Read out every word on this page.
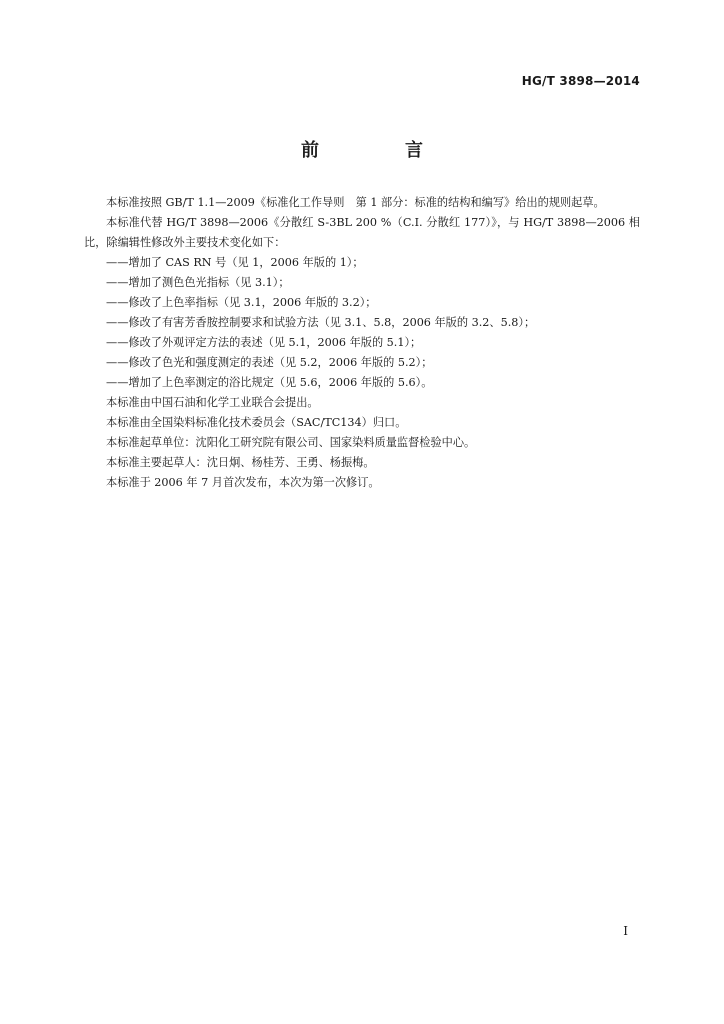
HG/T 3898—2014
前　言

本标准按照 GB/T 1.1—2009《标准化工作导则　第 1 部分：标准的结构和编写》给出的规则起草。

本标准代替 HG/T 3898—2006《分散红 S-3BL 200 %（C.I. 分散红 177）》，与 HG/T 3898—2006 相比，除编辑性修改外主要技术变化如下：

——增加了 CAS RN 号（见 1，2006 年版的 1）；

——增加了测色色光指标（见 3.1）；

——修改了上色率指标（见 3.1，2006 年版的 3.2）；

——修改了有害芳香胺控制要求和试验方法（见 3.1、5.8，2006 年版的 3.2、5.8）；

——修改了外观评定方法的表述（见 5.1，2006 年版的 5.1）；

——修改了色光和强度测定的表述（见 5.2，2006 年版的 5.2）；

——增加了上色率测定的浴比规定（见 5.6，2006 年版的 5.6）。

本标准由中国石油和化学工业联合会提出。

本标准由全国染料标准化技术委员会（SAC/TC134）归口。

本标准起草单位：沈阳化工研究院有限公司、国家染料质量监督检验中心。

本标准主要起草人：沈日炯、杨桂芳、王勇、杨振梅。

本标准于 2006 年 7 月首次发布，本次为第一次修订。

I
